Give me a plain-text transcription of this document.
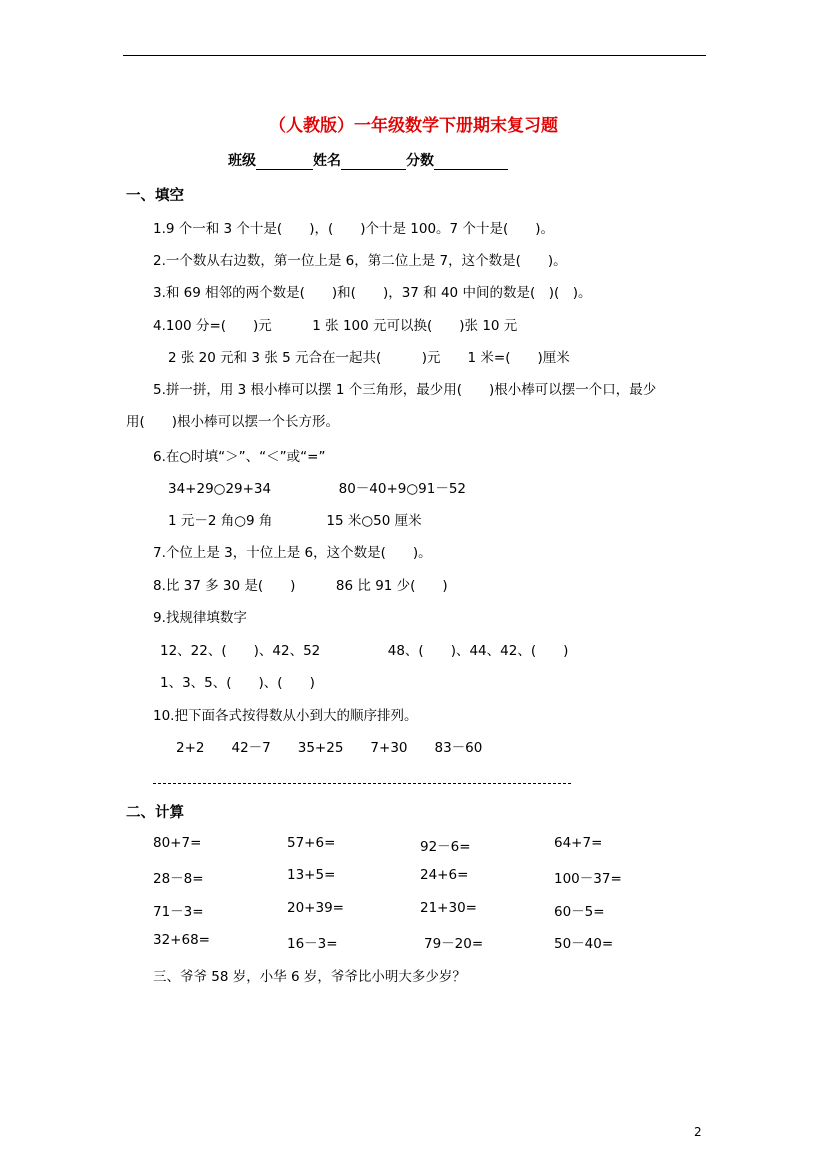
（人教版）一年级数学下册期末复习题
班级	姓名	分数
一、填空
1.9 个一和 3 个十是(　　)，(　　)个十是 100。7 个十是(　　)。
2.一个数从右边数，第一位上是 6，第二位上是 7，这个数是(　　)。
3.和 69 相邻的两个数是(　　)和(　　)，37 和 40 中间的数是(　)(　)。
4.100 分=(　　)元　　　1 张 100 元可以换(　　)张 10 元
2 张 20 元和 3 张 5 元合在一起共(　　　)元　　1 米=(　　)厘米
5.拼一拼，用 3 根小棒可以摆 1 个三角形，最少用(　　)根小棒可以摆一个口，最少
用(　　)根小棒可以摆一个长方形。
6.在○时填“＞”、“＜”或“=”
34+29○29+34　　　　　80－40+9○91－52
1 元－2 角○9 角　　　　15 米○50 厘米
7.个位上是 3，十位上是 6，这个数是(　　)。
8.比 37 多 30 是(　　)　　　86 比 91 少(　　)
9.找规律填数字
12、22、(　　)、42、52　　　　　48、(　　)、44、42、(　　)
1、3、5、(　　)、(　　)
10.把下面各式按得数从小到大的顺序排列。
2+2　　42－7　　35+25　　7+30　　83－60
二、计算
80+7=	57+6=	92－6=	64+7=
28－8=	13+5=	24+6=	100－37=
71－3=	20+39=	21+30=	60－5=
32+68=	16－3=	79－20=	50－40=
三、爷爷 58 岁，小华 6 岁，爷爷比小明大多少岁？
2
